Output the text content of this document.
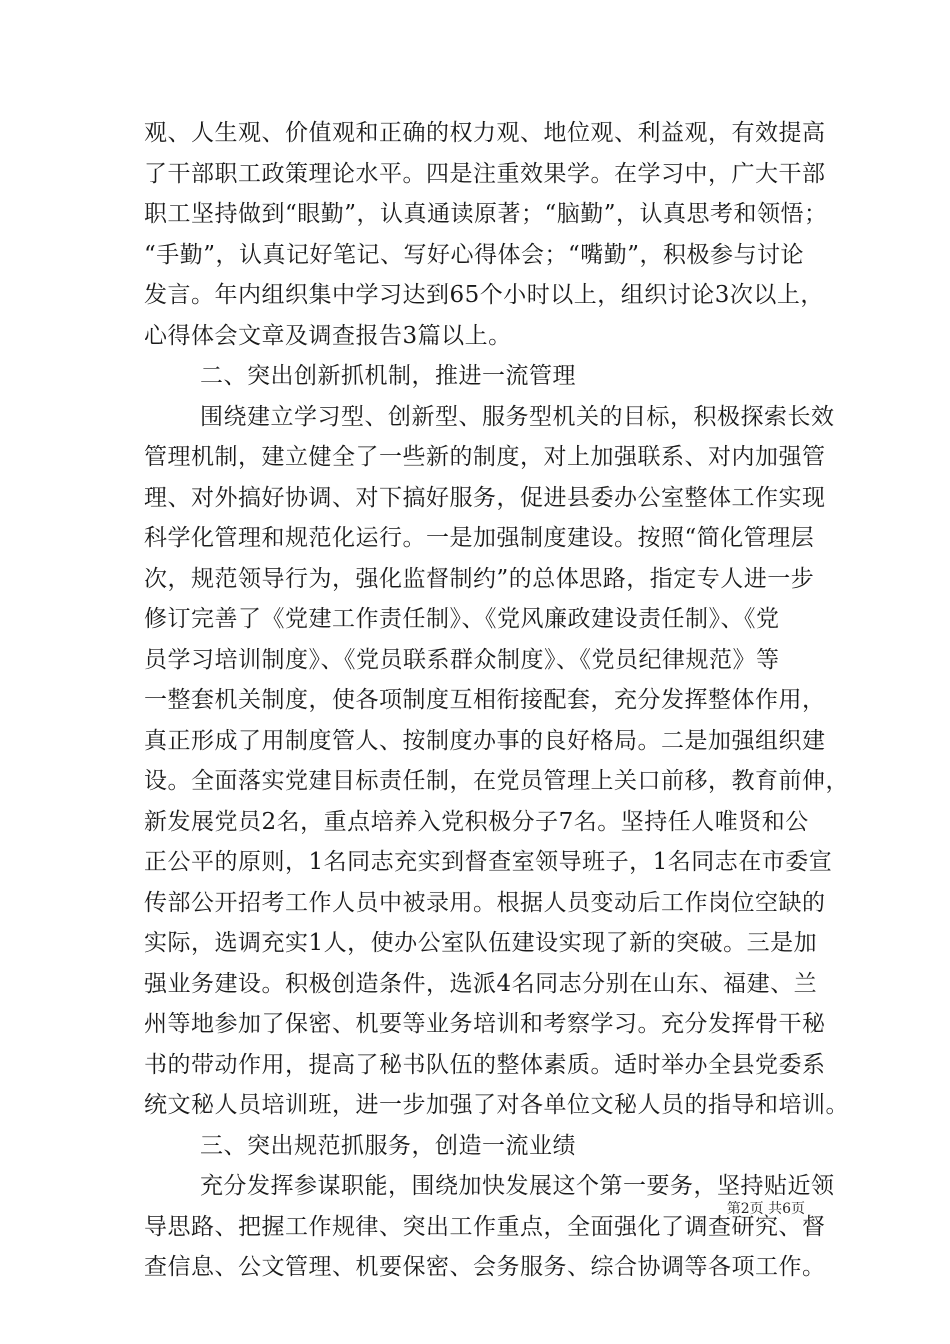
观、人生观、价值观和正确的权力观、地位观、利益观，有效提高
了干部职工政策理论水平。四是注重效果学。在学习中，广大干部
职工坚持做到“眼勤”，认真通读原著；“脑勤”，认真思考和领悟；
“手勤”，认真记好笔记、写好心得体会；“嘴勤”，积极参与讨论
发言。年内组织集中学习达到65个小时以上，组织讨论3次以上，
心得体会文章及调查报告3篇以上。
二、突出创新抓机制，推进一流管理
围绕建立学习型、创新型、服务型机关的目标，积极探索长效
管理机制，建立健全了一些新的制度，对上加强联系、对内加强管
理、对外搞好协调、对下搞好服务，促进县委办公室整体工作实现
科学化管理和规范化运行。一是加强制度建设。按照“简化管理层
次，规范领导行为，强化监督制约”的总体思路，指定专人进一步
修订完善了《党建工作责任制》、《党风廉政建设责任制》、《党
员学习培训制度》、《党员联系群众制度》、《党员纪律规范》等
一整套机关制度，使各项制度互相衔接配套，充分发挥整体作用，
真正形成了用制度管人、按制度办事的良好格局。二是加强组织建
设。全面落实党建目标责任制，在党员管理上关口前移，教育前伸，
新发展党员2名，重点培养入党积极分子7名。坚持任人唯贤和公
正公平的原则，1名同志充实到督查室领导班子，1名同志在市委宣
传部公开招考工作人员中被录用。根据人员变动后工作岗位空缺的
实际，选调充实1人，使办公室队伍建设实现了新的突破。三是加
强业务建设。积极创造条件，选派4名同志分别在山东、福建、兰
州等地参加了保密、机要等业务培训和考察学习。充分发挥骨干秘
书的带动作用，提高了秘书队伍的整体素质。适时举办全县党委系
统文秘人员培训班，进一步加强了对各单位文秘人员的指导和培训。
三、突出规范抓服务，创造一流业绩
充分发挥参谋职能，围绕加快发展这个第一要务，坚持贴近领
导思路、把握工作规律、突出工作重点，全面强化了调查研究、督
查信息、公文管理、机要保密、会务服务、综合协调等各项工作。
第2页 共6页
